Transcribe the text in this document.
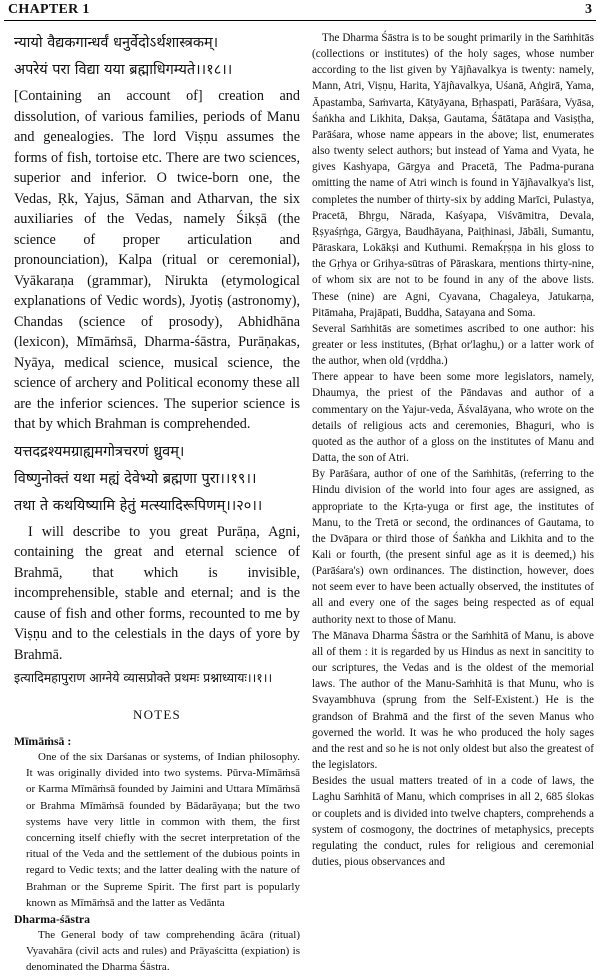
CHAPTER 1	3
न्यायो वैद्यकगान्धर्वं धनुर्वेदोऽर्थशास्त्रकम्।
अपरेयं परा विद्या यया ब्रह्माधिगम्यते।।१८।।

[Containing an account of] creation and dissolution, of various families, periods of Manu and genealogies. The lord Viṣṇu assumes the forms of fish, tortoise etc. There are two sciences, superior and inferior. O twice-born one, the Vedas, Ṛk, Yajus, Sāman and Atharvan, the six auxiliaries of the Vedas, namely Śikṣā (the science of proper articulation and pronounciation), Kalpa (ritual or ceremonial), Vyākaraṇa (grammar), Nirukta (etymological explanations of Vedic words), Jyotiṣ (astronomy), Chandas (science of prosody), Abhidhāna (lexicon), Mīmāṁsā, Dharma-śāstra, Purāṇakas, Nyāya, medical science, musical science, the science of archery and Political economy these all are the inferior sciences. The superior science is that by which Brahman is comprehended.

यत्तदद्रश्यमग्राह्यमगोत्रचरणं ध्रुवम्।
विष्णुनोक्तं यथा मह्यं देवेभ्यो ब्रह्मणा पुरा।।१९।।
तथा ते कथयिष्यामि हेतुं मत्स्यादिरूपिणम्।।२०।।

I will describe to you great Purāṇa, Agni, containing the great and eternal science of Brahmā, that which is invisible, incomprehensible, stable and eternal; and is the cause of fish and other forms, recounted to me by Viṣṇu and to the celestials in the days of yore by Brahmā.

इत्यादिमहापुराण आग्नेये व्यासप्रोक्ते प्रथमः प्रश्नाध्यायः।।१।।
NOTES

Mīmāṁsā :

One of the six Darśanas or systems, of Indian philosophy. It was originally divided into two systems. Pūrva-Mīmāṁsā or Karma Mīmāṁsā founded by Jaimini and Uttara Mīmāṁsā or Brahma Mīmāṁsā founded by Bādarāyaṇa; but the two systems have very little in common with them, the first concerning itself chiefly with the secret interpretation of the ritual of the Veda and the settlement of the dubious points in regard to Vedic texts; and the latter dealing with the nature of Brahman or the Supreme Spirit. The first part is popularly known as Mīmāṁsā and the latter as Vedānta

Dharma-śāstra

The General body of taw comprehending ācāra (ritual) Vyavahāra (civil acts and rules) and Prāyaścitta (expiation) is denominated the Dharma Śāstra.

The Dharma Śāstra is to be sought primarily in the Saṁhitās (collections or institutes) of the holy sages, whose number according to the list given by Yājñavalkya is twenty: namely, Mann, Atri, Viṣṇu, Harita, Yājñavalkya, Uśanā, Aṅgirā, Yama, Āpastamba, Saṁvarta, Kātyāyana, Bṛhaspati, Parāśara, Vyāsa, Śaṅkha and Likhita, Dakṣa, Gautama, Śātātapa and Vasiṣṭha, Parāśara, whose name appears in the above; list, enumerates also twenty select authors; but instead of Yama and Vyata, he gives Kashyapa, Gārgya and Pracetā, The Padma-purana omitting the name of Atri winch is found in Yājñavalkya's list, completes the number of thirty-six by adding Marīci, Pulastya, Pracetā, Bhṛgu, Nārada, Kaśyapa, Viśvāmitra, Devala, Ṛṣyaśṛṅga, Gārgya, Baudhāyana, Paiṭhinasi, Jābāli, Sumantu, Pāraskara, Lokākṣi and Kuthumi. Remaḱṛṣṇa in his gloss to the Gṛhya or Grihya-sūtras of Pāraskara, mentions thirty-nine, of whom six are not to be found in any of the above lists. These (nine) are Agni, Cyavana, Chagaleya, Jatukarṇa, Pitāmaha, Prajāpati, Buddha, Satayana and Soma.

Several Saṁhitās are sometimes ascribed to one author: his greater or less institutes, (Bṛhat or'laghu,) or a latter work of the author, when old (vṛddha.)

There appear to have been some more legislators, namely, Dhaumya, the priest of the Pāndavas and author of a commentary on the Yajur-veda, Āśvalāyana, who wrote on the details of religious acts and ceremonies, Bhaguri, who is quoted as the author of a gloss on the institutes of Manu and Datta, the son of Atri.

By Parāśara, author of one of the Saṁhitās, (referring to the Hindu division of the world into four ages are assigned, as appropriate to the Kṛta-yuga or first age, the institutes of Manu, to the Tretā or second, the ordinances of Gautama, to the Dvāpara or third those of Śaṅkha and Likhita and to the Kali or fourth, (the present sinful age as it is deemed,) his (Parāśara's) own ordinances. The distinction, however, does not seem ever to have been actually observed, the institutes of all and every one of the sages being respected as of equal authority next to those of Manu.

The Mānava Dharma Śāstra or the Saṁhitā of Manu, is above all of them : it is regarded by us Hindus as next in sancitity to our scriptures, the Vedas and is the oldest of the memorial laws. The author of the Manu-Saṁhitā is that Munu, who is Svayambhuva (sprung from the Self-Existent.) He is the grandson of Brahmā and the first of the seven Manus who governed the world. It was he who produced the holy sages and the rest and so he is not only oldest but also the greatest of the legislators.

Besides the usual matters treated of in a code of laws, the Laghu Saṁhitā of Manu, which comprises in all 2, 685 ślokas or couplets and is divided into twelve chapters, comprehends a system of cosmogony, the doctrines of metaphysics, precepts regulating the conduct, rules for religious and ceremonial duties, pious observances and
